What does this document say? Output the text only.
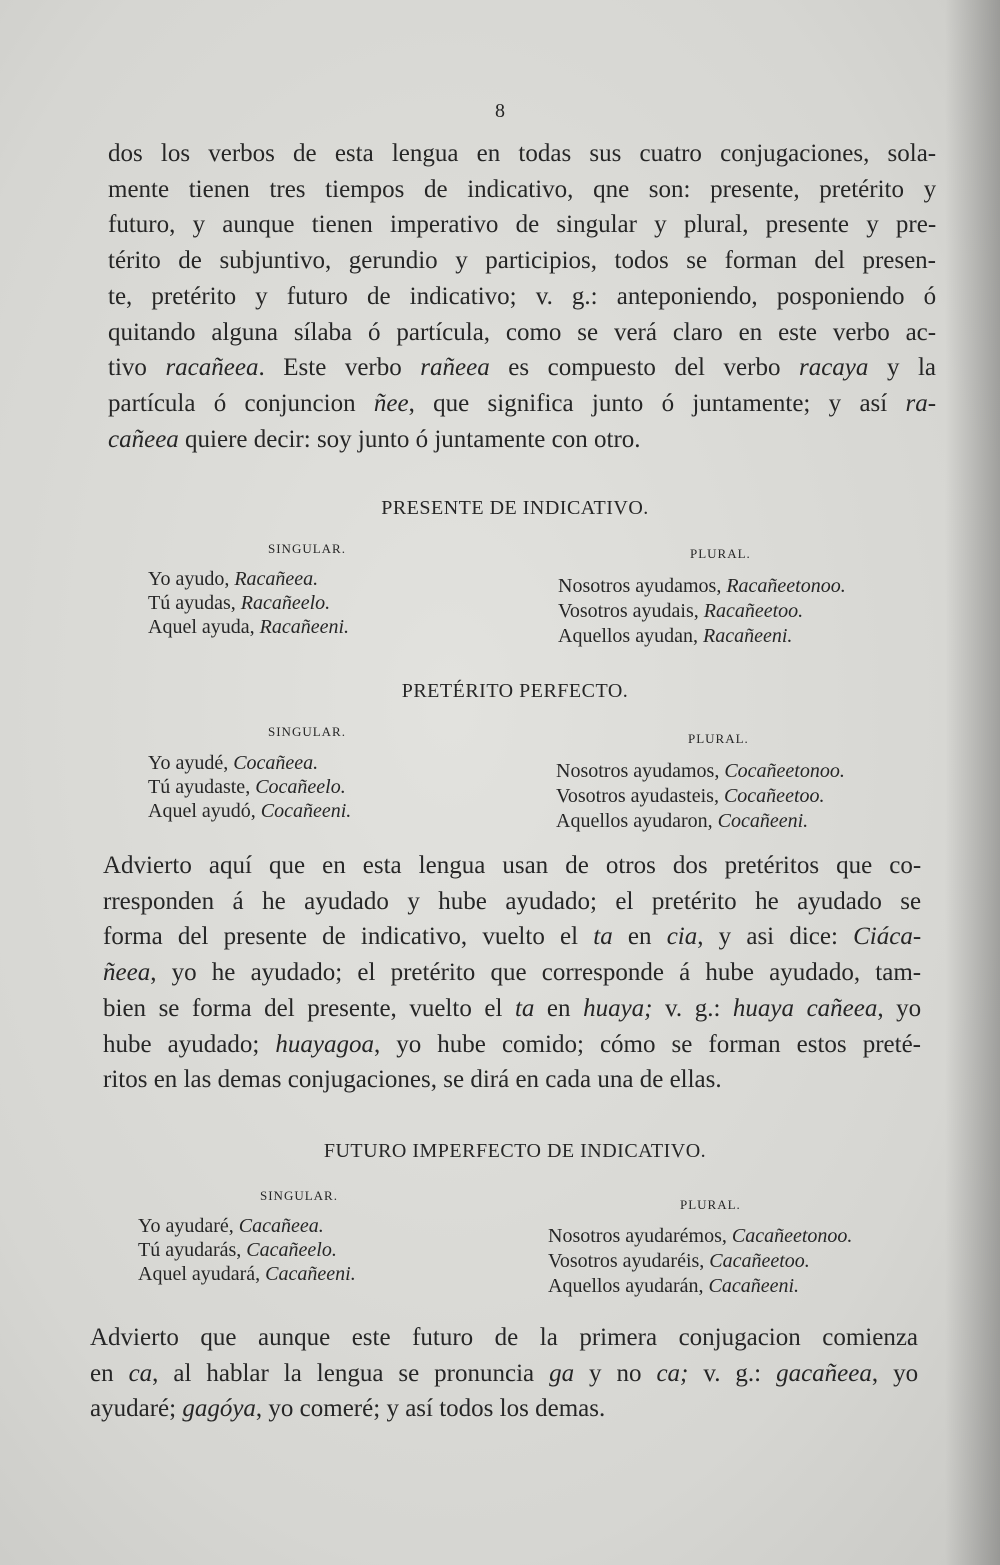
8
dos los verbos de esta lengua en todas sus cuatro conjugaciones, sola-
mente tienen tres tiempos de indicativo, qne son: presente, pretérito y
futuro, y aunque tienen imperativo de singular y plural, presente y pre-
térito de subjuntivo, gerundio y participios, todos se forman del presen-
te, pretérito y futuro de indicativo; v. g.: anteponiendo, posponiendo ó
quitando alguna sílaba ó partícula, como se verá claro en este verbo ac-
tivo racañeea. Este verbo rañeea es compuesto del verbo racaya y la
partícula ó conjuncion ñee, que significa junto ó juntamente; y así ra-
cañeea quiere decir: soy junto ó juntamente con otro.
PRESENTE DE INDICATIVO.
SINGULAR.	PLURAL.
Yo ayudo, Racañeea.
Tú ayudas, Racañeelo.
Aquel ayuda, Racañeeni.
Nosotros ayudamos, Racañeetonoo.
Vosotros ayudais, Racañeetoo.
Aquellos ayudan, Racañeeni.
PRETÉRITO PERFECTO.
SINGULAR.	PLURAL.
Yo ayudé, Cocañeea.
Tú ayudaste, Cocañeelo.
Aquel ayudó, Cocañeeni.
Nosotros ayudamos, Cocañeetonoo.
Vosotros ayudasteis, Cocañeetoo.
Aquellos ayudaron, Cocañeeni.
Advierto aquí que en esta lengua usan de otros dos pretéritos que co-
rresponden á he ayudado y hube ayudado; el pretérito he ayudado se
forma del presente de indicativo, vuelto el ta en cia, y asi dice: Ciáca-
ñeea, yo he ayudado; el pretérito que corresponde á hube ayudado, tam-
bien se forma del presente, vuelto el ta en huaya; v. g.: huaya cañeea, yo
hube ayudado; huayagoa, yo hube comido; cómo se forman estos preté-
ritos en las demas conjugaciones, se dirá en cada una de ellas.
FUTURO IMPERFECTO DE INDICATIVO.
SINGULAR.
PLURAL.
Yo ayudaré, Cacañeea.
Tú ayudarás, Cacañeelo.
Aquel ayudará, Cacañeeni.
Nosotros ayudarémos, Cacañeetonoo.
Vosotros ayudaréis, Cacañeetoo.
Aquellos ayudarán, Cacañeeni.
Advierto que aunque este futuro de la primera conjugacion comienza
en ca, al hablar la lengua se pronuncia ga y no ca; v. g.: gacañeea, yo
ayudaré; gagóya, yo comeré; y así todos los demas.
